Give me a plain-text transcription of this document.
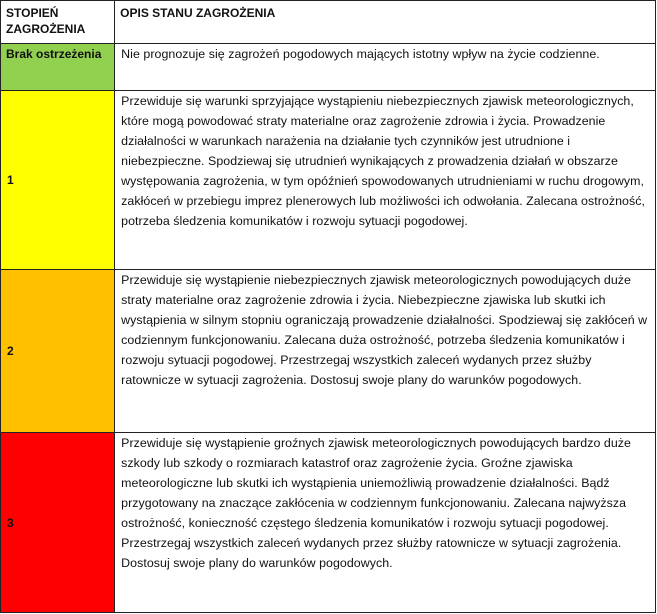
STOPIEŃ ZAGROŻENIA	OPIS STANU ZAGROŻENIA
Brak ostrzeżenia	Nie prognozuje się zagrożeń pogodowych mających istotny wpływ na życie codzienne.
1	Przewiduje się warunki sprzyjające wystąpieniu niebezpiecznych zjawisk meteorologicznych, które mogą powodować straty materialne oraz zagrożenie zdrowia i życia. Prowadzenie działalności w warunkach narażenia na działanie tych czynników jest utrudnione i niebezpieczne. Spodziewaj się utrudnień wynikających z prowadzenia działań w obszarze występowania zagrożenia, w tym opóźnień spowodowanych utrudnieniami w ruchu drogowym, zakłóceń w przebiegu imprez plenerowych lub możliwości ich odwołania. Zalecana ostrożność, potrzeba śledzenia komunikatów i rozwoju sytuacji pogodowej.
2	Przewiduje się wystąpienie niebezpiecznych zjawisk meteorologicznych powodujących duże straty materialne oraz zagrożenie zdrowia i życia. Niebezpieczne zjawiska lub skutki ich wystąpienia w silnym stopniu ograniczają prowadzenie działalności. Spodziewaj się zakłóceń w codziennym funkcjonowaniu. Zalecana duża ostrożność, potrzeba śledzenia komunikatów i rozwoju sytuacji pogodowej. Przestrzegaj wszystkich zaleceń wydanych przez służby ratownicze w sytuacji zagrożenia. Dostosuj swoje plany do warunków pogodowych.
3	Przewiduje się wystąpienie groźnych zjawisk meteorologicznych powodujących bardzo duże szkody lub szkody o rozmiarach katastrof oraz zagrożenie życia. Groźne zjawiska meteorologiczne lub skutki ich wystąpienia uniemożliwią prowadzenie działalności. Bądź przygotowany na znaczące zakłócenia w codziennym funkcjonowaniu. Zalecana najwyższa ostrożność, konieczność częstego śledzenia komunikatów i rozwoju sytuacji pogodowej. Przestrzegaj wszystkich zaleceń wydanych przez służby ratownicze w sytuacji zagrożenia. Dostosuj swoje plany do warunków pogodowych.
